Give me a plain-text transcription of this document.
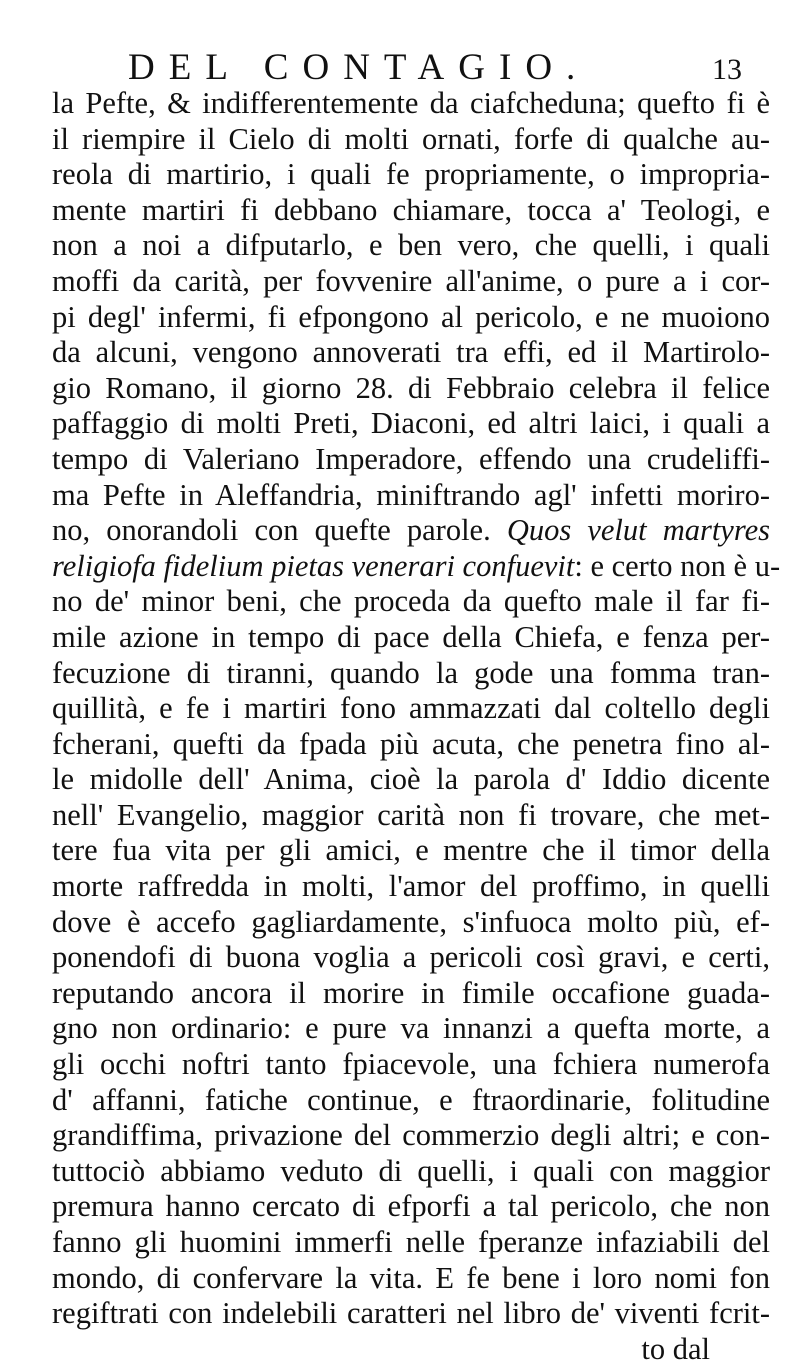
DEL CONTAGIO.	13
la Pefte, & indifferentemente da ciafcheduna; quefto fi è
il riempire il Cielo di molti ornati, forfe di qualche au-
reola di martirio, i quali fe propriamente, o impropria-
mente martiri fi debbano chiamare, tocca a' Teologi, e
non a noi a difputarlo, e ben vero, che quelli, i quali
moffi da carità, per fovvenire all'anime, o pure a i cor-
pi degl' infermi, fi efpongono al pericolo, e ne muoiono
da alcuni, vengono annoverati tra effi, ed il Martirolo-
gio Romano, il giorno 28. di Febbraio celebra il felice
paffaggio di molti Preti, Diaconi, ed altri laici, i quali a
tempo di Valeriano Imperadore, effendo una crudeliffi-
ma Pefte in Aleffandria, miniftrando agl' infetti moriro-
no, onorandoli con quefte parole. Quos velut martyres
religiofa fidelium pietas venerari confuevit: e certo non è u-
no de' minor beni, che proceda da quefto male il far fi-
mile azione in tempo di pace della Chiefa, e fenza per-
fecuzione di tiranni, quando la gode una fomma tran-
quillità, e fe i martiri fono ammazzati dal coltello degli
fcherani, quefti da fpada più acuta, che penetra fino al-
le midolle dell' Anima, cioè la parola d' Iddio dicente
nell' Evangelio, maggior carità non fi trovare, che met-
tere fua vita per gli amici, e mentre che il timor della
morte raffredda in molti, l'amor del proffimo, in quelli
dove è accefo gagliardamente, s'infuoca molto più, ef-
ponendofi di buona voglia a pericoli così gravi, e certi,
reputando ancora il morire in fimile occafione guada-
gno non ordinario: e pure va innanzi a quefta morte, a
gli occhi noftri tanto fpiacevole, una fchiera numerofa
d' affanni, fatiche continue, e ftraordinarie, folitudine
grandiffima, privazione del commerzio degli altri; e con-
tuttociò abbiamo veduto di quelli, i quali con maggior
premura hanno cercato di efporfi a tal pericolo, che non
fanno gli huomini immerfi nelle fperanze infaziabili del
mondo, di confervare la vita. E fe bene i loro nomi fon
regiftrati con indelebili caratteri nel libro de' viventi fcrit-
to dal
